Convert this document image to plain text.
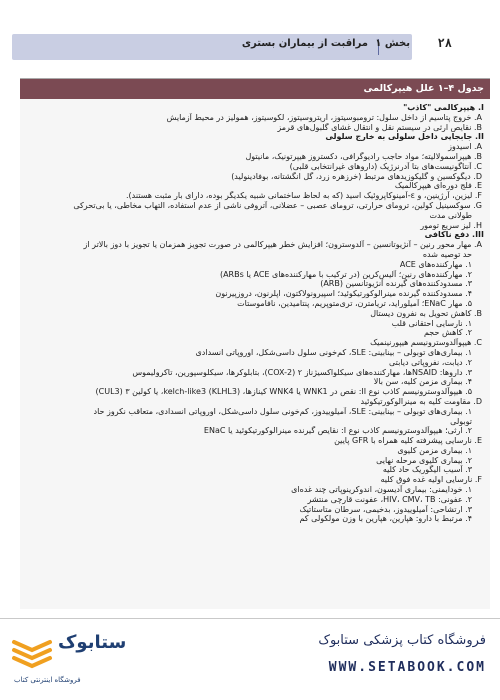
مراقبت از بیماران بستری بخش ۱ ۲۸
جدول ۴–۱ علل هیپرکالمی
I. هیپرکالمی "کاذب"
A. خروج پتاسیم از داخل سلول: ترومبوسیتوز، اریتروسیتوز، لکوسیتوز، همولیز در محیط آزمایش
B. نقایص ارثی در سیستم نقل و انتقال غشای گلبول‌های قرمز
II. جابجایی داخل سلولی به خارج سلولی
A. اسیدوز
B. هیپراسمولالیته؛ مواد حاجب رادیوگرافی، دکستروز هیپرتونیک، مانیتول
C. آنتاگونیست‌های بتا آدرنرژیک (داروهای غیرانتخابی قلبی)
D. دیگوکسین و گلیکوزیدهای مرتبط (خرزهره زرد، گل انگشتانه، بوفادینولید)
E. فلج دوره‌ای هیپرکالمیک
F. لیزین، آرژینین، و ε-آمینوکاپروئیک اسید (که به لحاظ ساختمانی شبیه یکدیگر بوده، دارای بار مثبت هستند).
G. سوکسینیل کولین، ترومای حرارتی، ترومای عصبی – عضلانی، آتروفی ناشی از عدم استفاده، التهاب مخاطی، یا بی‌تحرکی
طولانی مدت
H. لیز سریع تومور
III. دفع ناکافی
A. مهار محور رنین – آنژیوتانسین – آلدوسترون؛ افزایش خطر هیپرکالمی در صورت تجویز همزمان یا تجویز با دوز بالاتر از
حد توصیه شده
۱. مهارکننده‌های ACE
۲. مهارکننده‌های رنین؛ آلیس‌کرین (در ترکیب با مهارکننده‌های ACE یا ARBs)
۳. مسدودکننده‌های گیرنده آنژیوتانسین (ARB)
۴. مسدودکننده گیرنده مینرالوکورتیکوئید؛ اسپیرونولاکتون، اپلرنون، دروزپیرنون
۵. مهار ENaC؛ آمیلوراید، تریامترن، تری‌متوپریم، پنتامیدین، نافاموستات
B. کاهش تحویل به نفرون دیستال
۱. نارسایی احتقانی قلب
۲. کاهش حجم
C. هیپوآلدوسترونیسم هیپورنینمیک
۱. بیماری‌های توبولی – بینابینی: SLE، کم‌خونی سلول داسی‌شکل، اوروپاتی انسدادی
۲. دیابت، نفروپاتی دیابتی
۳. داروها: NSAIDها، مهارکننده‌های سیکلواکسیژناز ۲ (COX-2)، بتابلوکرها، سیکلوسپورین، تاکرولیموس
۴. بیماری مزمن کلیه، سن بالا
۵. هیپوآلدوسترونیسم کاذب نوع II: نقص در WNK1 یا WNK4 کینازها، kelch-like3 (KLHL3)، یا کولین ۳ (CUL3)
D. مقاومت کلیه به مینرالوکورتیکوئید
۱. بیماری‌های توبولی – بینابینی: SLE، آمیلوییدوز، کم‌خونی سلول داسی‌شکل، اوروپاتی انسدادی، متعاقب نکروز حاد
توبولی
۲. ارثی؛ هیپوآلدوسترونیسم کاذب نوع I: نقایص گیرنده مینرالوکورتیکوئید یا ENaC
E. نارسایی پیشرفته کلیه همراه با GFR پایین
۱. بیماری مزمن کلیوی
۲. بیماری کلیوی مرحله نهایی
۳. آسیب الیگوریک حاد کلیه
F. نارسایی اولیه غده فوق کلیه
۱. خودایمنی: بیماری آدیسون، اندوکرینوپاتی چند غده‌ای
۲. عفونی: HIV، CMV، TB، عفونت قارچی منتشر
۳. ارتشاحی: آمیلوییدوز، بدخیمی، سرطان متاستاتیک
۴. مرتبط با دارو: هپارین، هپارین با وزن مولکولی کم
ستابوک
فروشگاه اینترنتی کتاب
فروشگاه کتاب پزشکی ستابوک
WWW.SETABOOK.COM
